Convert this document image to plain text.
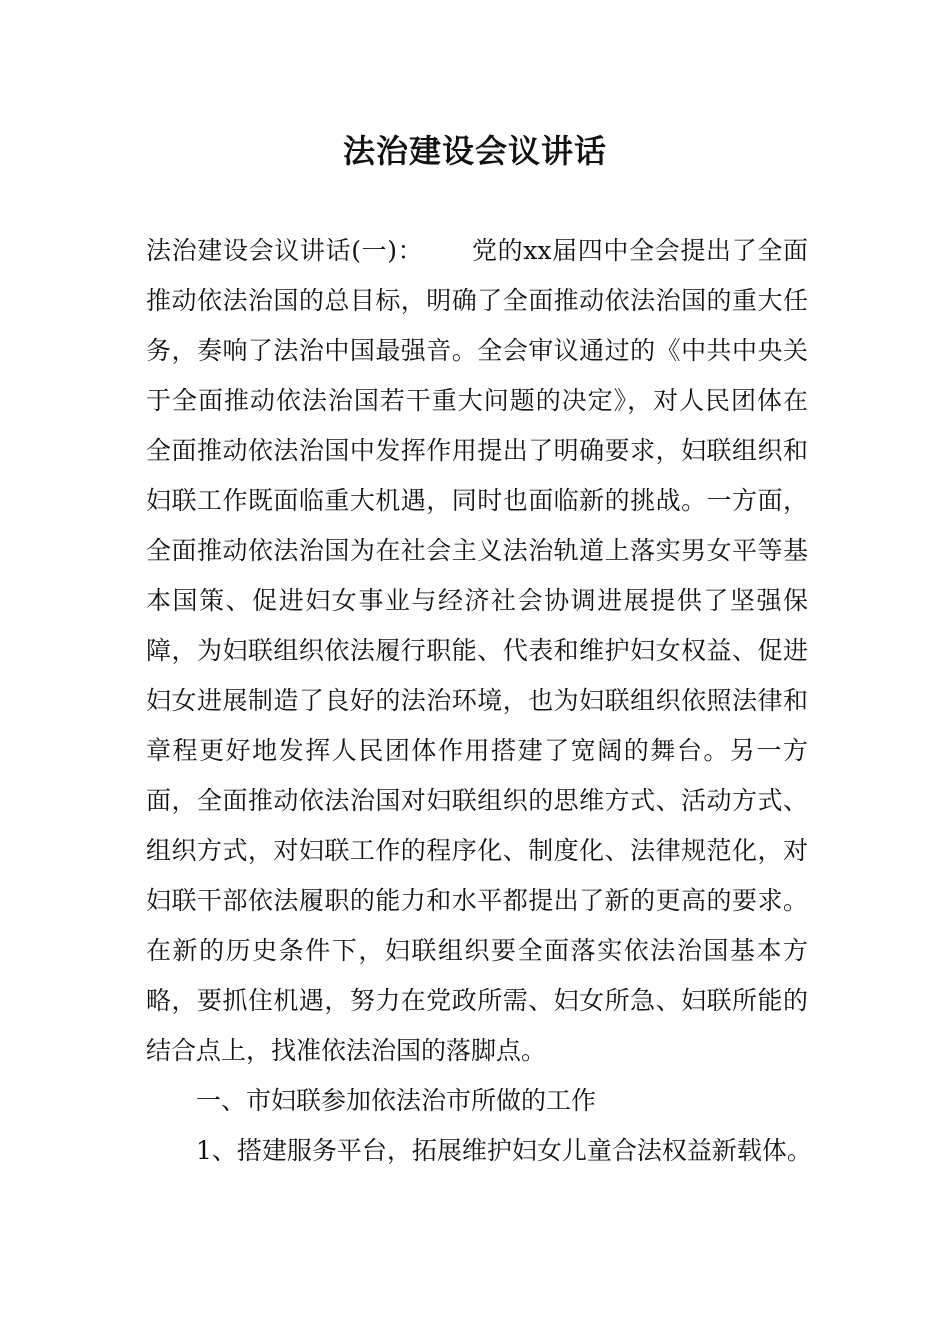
法治建设会议讲话

法治建设会议讲话(一)： 党的xx届四中全会提出了全面推动依法治国的总目标，明确了全面推动依法治国的重大任务，奏响了法治中国最强音。全会审议通过的《中共中央关于全面推动依法治国若干重大问题的决定》，对人民团体在全面推动依法治国中发挥作用提出了明确要求，妇联组织和妇联工作既面临重大机遇，同时也面临新的挑战。一方面，全面推动依法治国为在社会主义法治轨道上落实男女平等基本国策、促进妇女事业与经济社会协调进展提供了坚强保障，为妇联组织依法履行职能、代表和维护妇女权益、促进妇女进展制造了良好的法治环境，也为妇联组织依照法律和章程更好地发挥人民团体作用搭建了宽阔的舞台。另一方面，全面推动依法治国对妇联组织的思维方式、活动方式、组织方式，对妇联工作的程序化、制度化、法律规范化，对妇联干部依法履职的能力和水平都提出了新的更高的要求。在新的历史条件下，妇联组织要全面落实依法治国基本方略，要抓住机遇，努力在党政所需、妇女所急、妇联所能的结合点上，找准依法治国的落脚点。

一、市妇联参加依法治市所做的工作

1、搭建服务平台，拓展维护妇女儿童合法权益新载体。
